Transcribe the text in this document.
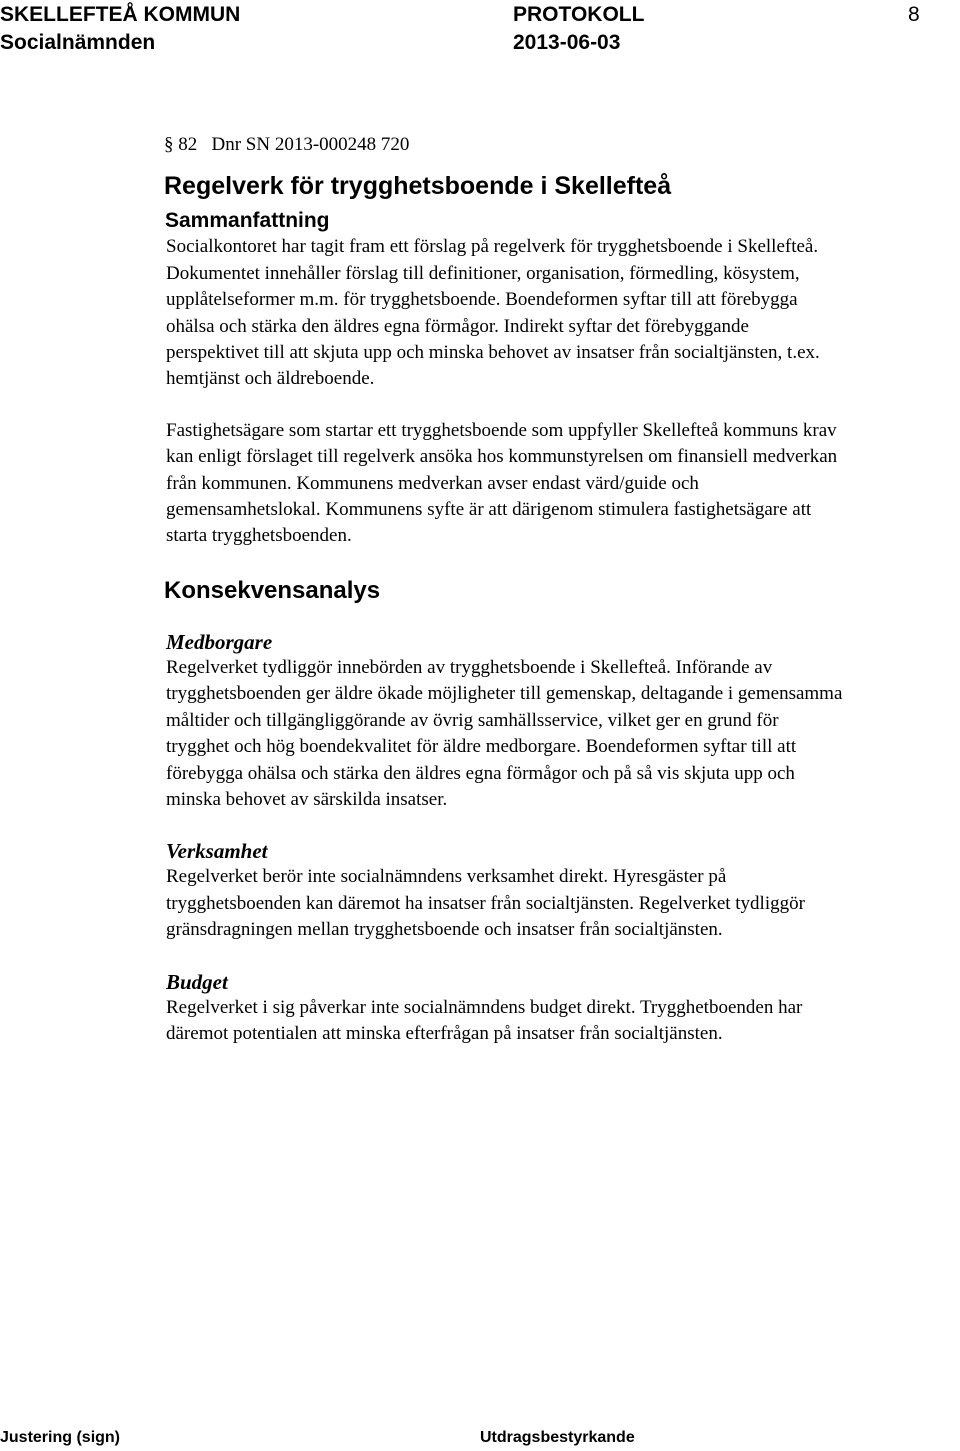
SKELLEFTEÅ KOMMUN	PROTOKOLL	8

Socialnämnden	2013-06-03

§ 82   Dnr SN 2013-000248 720

Regelverk för trygghetsboende i Skellefteå
Sammanfattning

Socialkontoret har tagit fram ett förslag på regelverk för trygghetsboende i Skellefteå. Dokumentet innehåller förslag till definitioner, organisation, förmedling, kösystem, upplåtelseformer m.m. för trygghetsboende. Boendeformen syftar till att förebygga ohälsa och stärka den äldres egna förmågor. Indirekt syftar det förebyggande perspektivet till att skjuta upp och minska behovet av insatser från socialtjänsten, t.ex. hemtjänst och äldreboende.

Fastighetsägare som startar ett trygghetsboende som uppfyller Skellefteå kommuns krav kan enligt förslaget till regelverk ansöka hos kommunstyrelsen om finansiell medverkan från kommunen. Kommunens medverkan avser endast värd/guide och gemensamhetslokal. Kommunens syfte är att därigenom stimulera fastighetsägare att starta trygghetsboenden.

Konsekvensanalys
Medborgare

Regelverket tydliggör innebörden av trygghetsboende i Skellefteå. Införande av trygghetsboenden ger äldre ökade möjligheter till gemenskap, deltagande i gemensamma måltider och tillgängliggörande av övrig samhällsservice, vilket ger en grund för trygghet och hög boendekvalitet för äldre medborgare. Boendeformen syftar till att förebygga ohälsa och stärka den äldres egna förmågor och på så vis skjuta upp och minska behovet av särskilda insatser.

Verksamhet

Regelverket berör inte socialnämndens verksamhet direkt. Hyresgäster på trygghetsboenden kan däremot ha insatser från socialtjänsten. Regelverket tydliggör gränsdragningen mellan trygghetsboende och insatser från socialtjänsten.

Budget

Regelverket i sig påverkar inte socialnämndens budget direkt. Trygghetboenden har däremot potentialen att minska efterfrågan på insatser från socialtjänsten.

Justering (sign)	Utdragsbestyrkande
